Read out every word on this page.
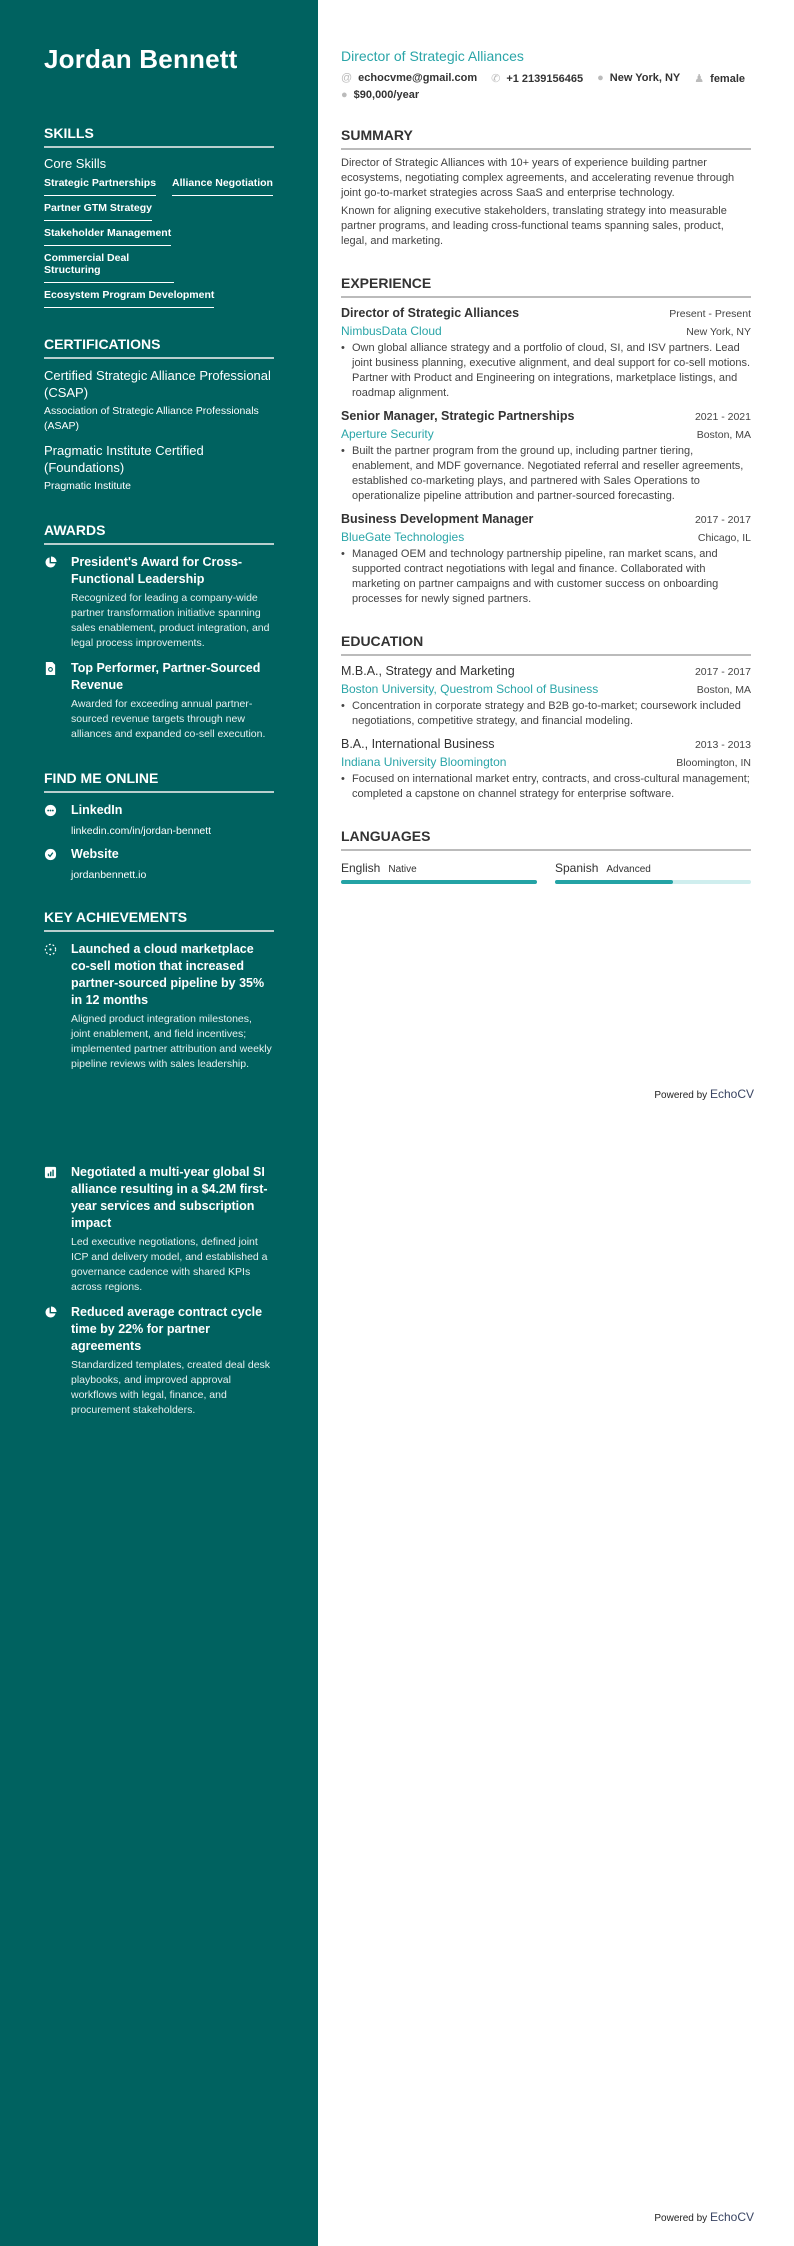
Jordan Bennett
SKILLS
Core Skills
Strategic Partnerships Alliance Negotiation
Partner GTM Strategy
Stakeholder Management
Commercial Deal Structuring
Ecosystem Program Development
CERTIFICATIONS
Certified Strategic Alliance Professional (CSAP)
Association of Strategic Alliance Professionals (ASAP)
Pragmatic Institute Certified (Foundations)
Pragmatic Institute
AWARDS
President's Award for Cross-Functional Leadership
Recognized for leading a company-wide partner transformation initiative spanning sales enablement, product integration, and legal process improvements.
Top Performer, Partner-Sourced Revenue
Awarded for exceeding annual partner-sourced revenue targets through new alliances and expanded co-sell execution.
FIND ME ONLINE
LinkedIn
linkedin.com/in/jordan-bennett
Website
jordanbennett.io
KEY ACHIEVEMENTS
Launched a cloud marketplace co-sell motion that increased partner-sourced pipeline by 35% in 12 months
Aligned product integration milestones, joint enablement, and field incentives; implemented partner attribution and weekly pipeline reviews with sales leadership.
Director of Strategic Alliances
@ echocvme@gmail.com ✆ +1 2139156465 ● New York, NY ♟ female
● $90,000/year
SUMMARY

Director of Strategic Alliances with 10+ years of experience building partner ecosystems, negotiating complex agreements, and accelerating revenue through joint go-to-market strategies across SaaS and enterprise technology.

Known for aligning executive stakeholders, translating strategy into measurable partner programs, and leading cross-functional teams spanning sales, product, legal, and marketing.

EXPERIENCE
Director of Strategic Alliances	Present - Present
NimbusData Cloud	New York, NY
• Own global alliance strategy and a portfolio of cloud, SI, and ISV partners. Lead joint business planning, executive alignment, and deal support for co-sell motions. Partner with Product and Engineering on integrations, marketplace listings, and roadmap alignment.
Senior Manager, Strategic Partnerships	2021 - 2021
Aperture Security	Boston, MA
• Built the partner program from the ground up, including partner tiering, enablement, and MDF governance. Negotiated referral and reseller agreements, established co-marketing plays, and partnered with Sales Operations to operationalize pipeline attribution and partner-sourced forecasting.
Business Development Manager	2017 - 2017
BlueGate Technologies	Chicago, IL
• Managed OEM and technology partnership pipeline, ran market scans, and supported contract negotiations with legal and finance. Collaborated with marketing on partner campaigns and with customer success on onboarding processes for newly signed partners.
EDUCATION
M.B.A., Strategy and Marketing	2017 - 2017
Boston University, Questrom School of Business	Boston, MA
• Concentration in corporate strategy and B2B go-to-market; coursework included negotiations, competitive strategy, and financial modeling.
B.A., International Business	2013 - 2013
Indiana University Bloomington	Bloomington, IN
• Focused on international market entry, contracts, and cross-cultural management; completed a capstone on channel strategy for enterprise software.
LANGUAGES
English Native	Spanish Advanced
Powered by EchoCV
Negotiated a multi-year global SI alliance resulting in a $4.2M first-year services and subscription impact
Led executive negotiations, defined joint ICP and delivery model, and established a governance cadence with shared KPIs across regions.
Reduced average contract cycle time by 22% for partner agreements
Standardized templates, created deal desk playbooks, and improved approval workflows with legal, finance, and procurement stakeholders.
Powered by EchoCV
